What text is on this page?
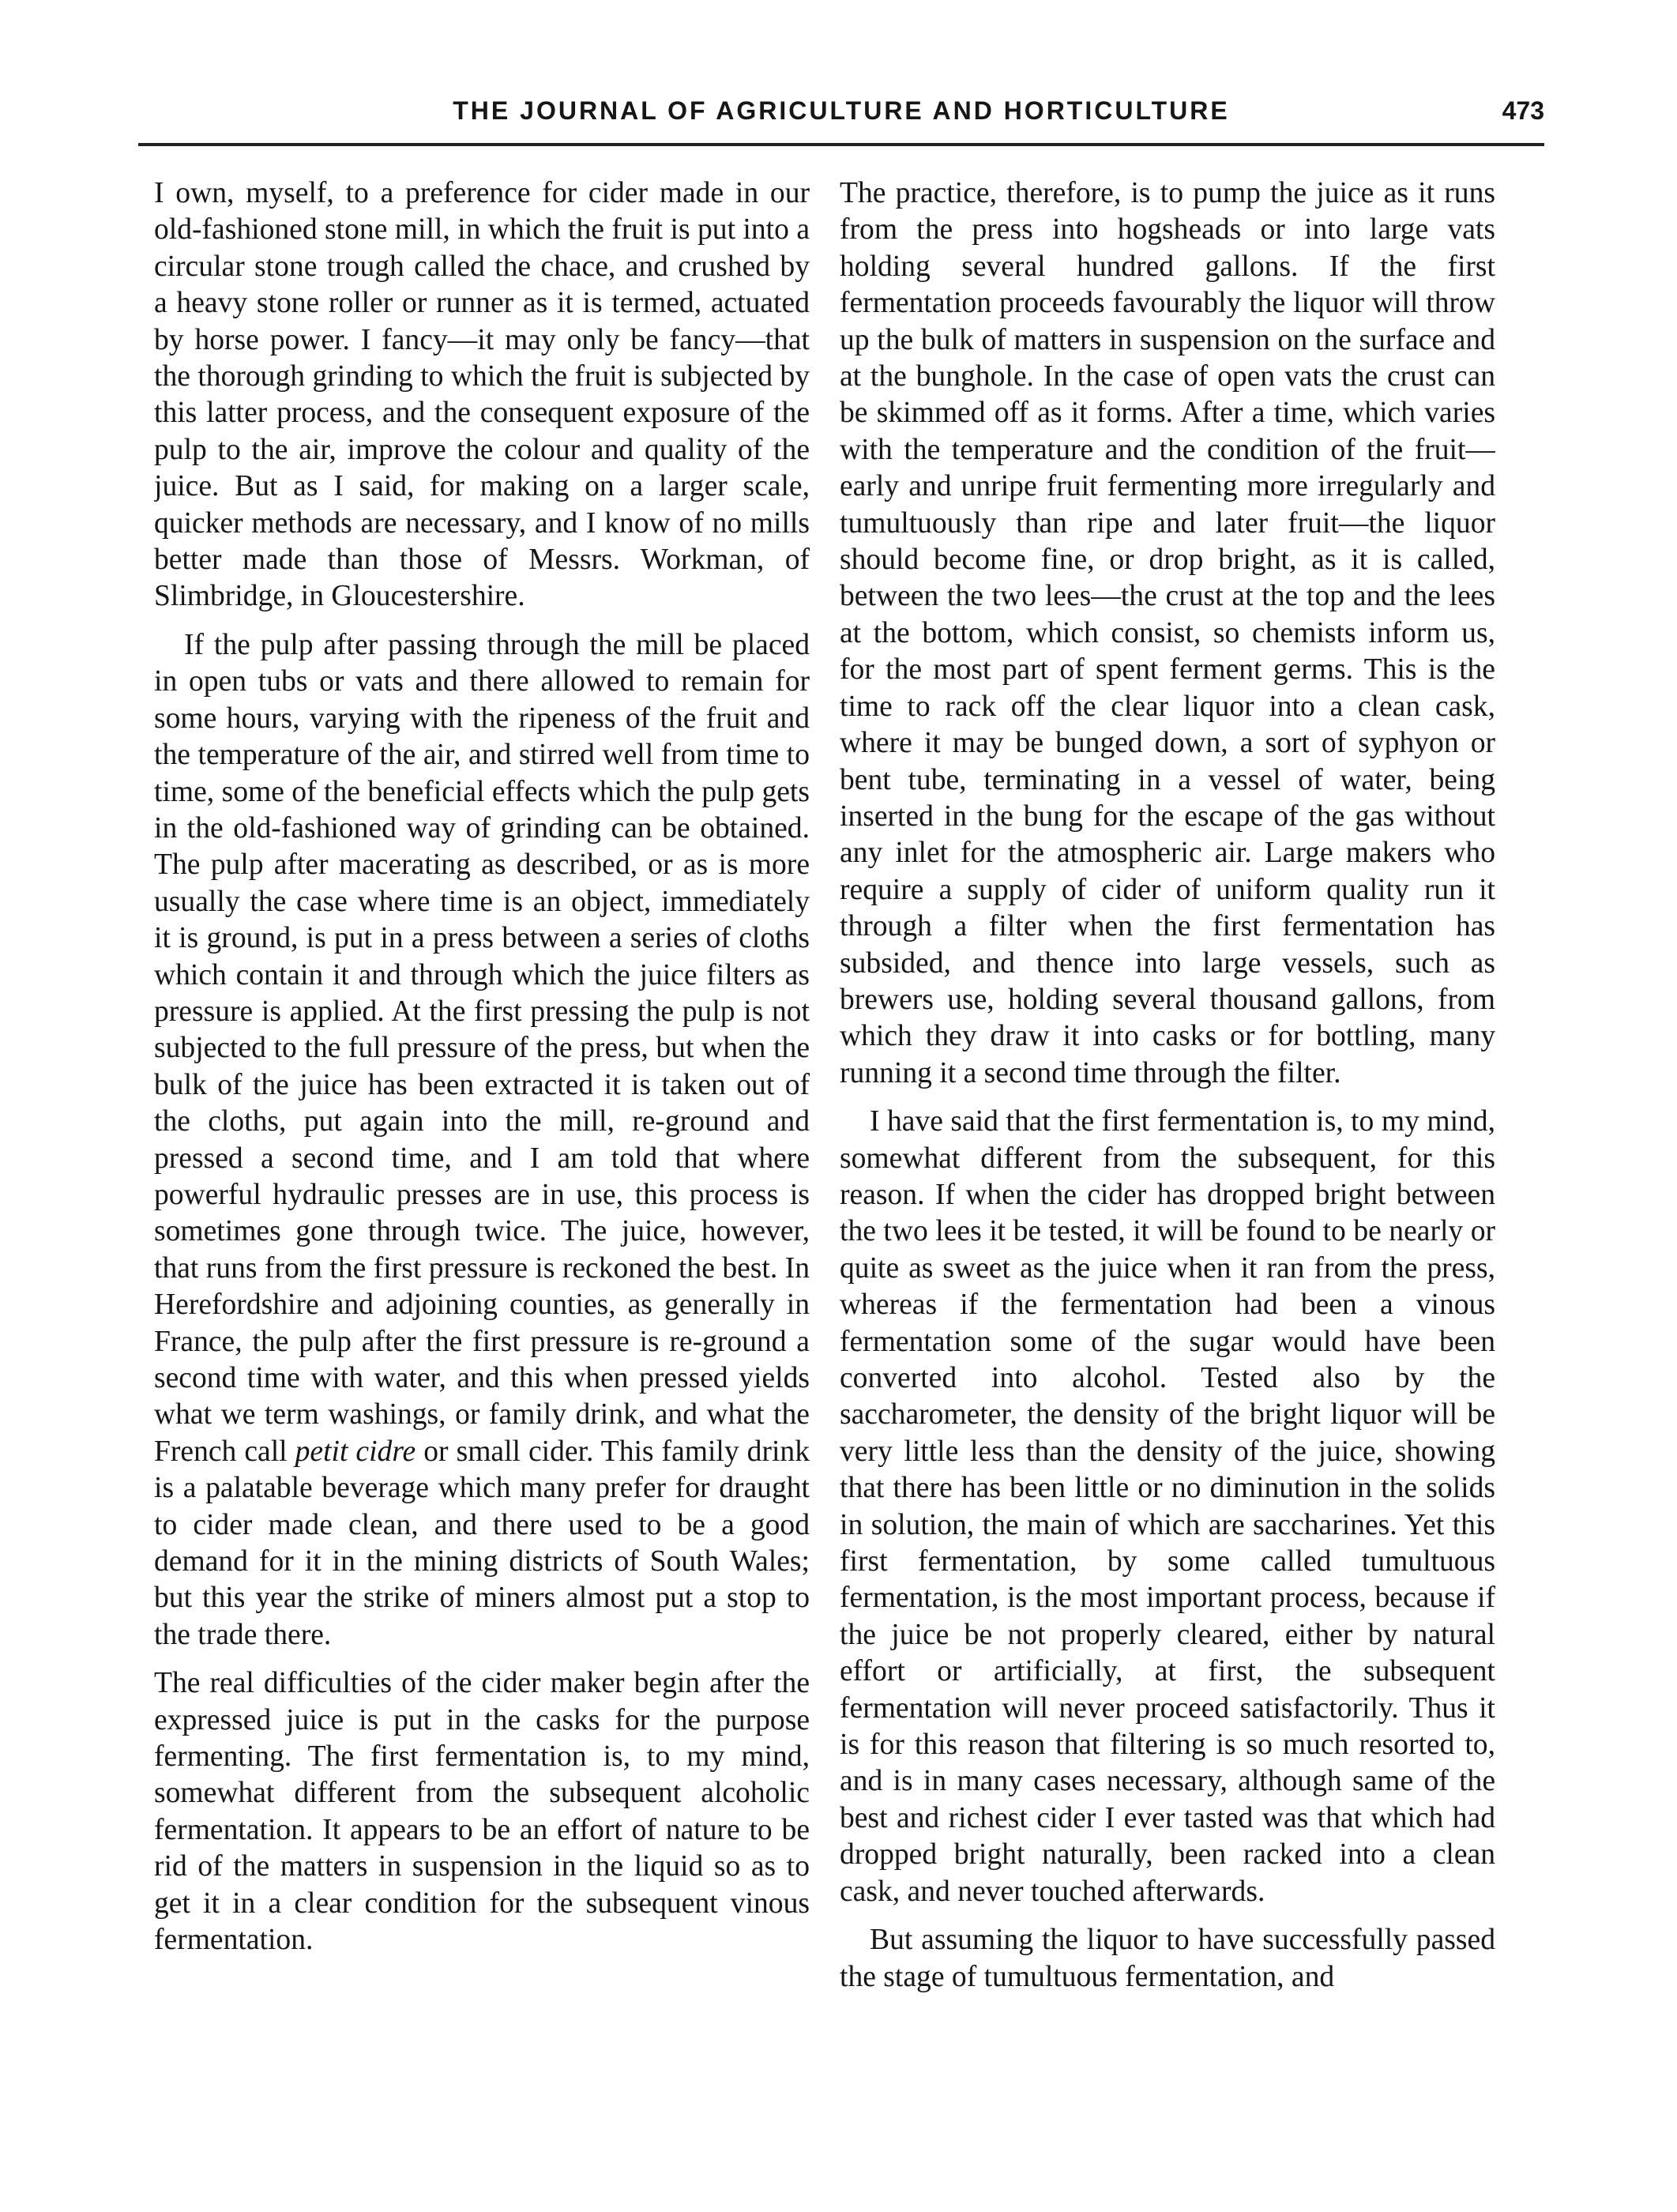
THE JOURNAL OF AGRICULTURE AND HORTICULTURE	473

I own, myself, to a preference for cider made in our old-fashioned stone mill, in which the fruit is put into a circular stone trough called the chace, and crushed by a heavy stone roller or runner as it is termed, actuated by horse power. I fancy—it may only be fancy—that the thorough grinding to which the fruit is subjected by this latter process, and the consequent exposure of the pulp to the air, improve the colour and quality of the juice. But as I said, for making on a larger scale, quicker methods are necessary, and I know of no mills better made than those of Messrs. Workman, of Slimbridge, in Gloucestershire.

If the pulp after passing through the mill be placed in open tubs or vats and there allowed to remain for some hours, varying with the ripeness of the fruit and the temperature of the air, and stirred well from time to time, some of the beneficial effects which the pulp gets in the old-fashioned way of grinding can be obtained. The pulp after macerating as described, or as is more usually the case where time is an object, immediately it is ground, is put in a press between a series of cloths which contain it and through which the juice filters as pressure is applied. At the first pressing the pulp is not subjected to the full pressure of the press, but when the bulk of the juice has been extracted it is taken out of the cloths, put again into the mill, re-ground and pressed a second time, and I am told that where powerful hydraulic presses are in use, this process is sometimes gone through twice. The juice, however, that runs from the first pressure is reckoned the best. In Herefordshire and adjoining counties, as generally in France, the pulp after the first pressure is re-ground a second time with water, and this when pressed yields what we term washings, or family drink, and what the French call petit cidre or small cider. This family drink is a palatable beverage which many prefer for draught to cider made clean, and there used to be a good demand for it in the mining districts of South Wales; but this year the strike of miners almost put a stop to the trade there.

The real difficulties of the cider maker begin after the expressed juice is put in the casks for the purpose fermenting. The first fermentation is, to my mind, somewhat different from the subsequent alcoholic fermentation. It appears to be an effort of nature to be rid of the matters in suspension in the liquid so as to get it in a clear condition for the subsequent vinous fermentation.

The practice, therefore, is to pump the juice as it runs from the press into hogsheads or into large vats holding several hundred gallons. If the first fermentation proceeds favourably the liquor will throw up the bulk of matters in suspension on the surface and at the bunghole. In the case of open vats the crust can be skimmed off as it forms. After a time, which varies with the temperature and the condition of the fruit—early and unripe fruit fermenting more irregularly and tumultuously than ripe and later fruit—the liquor should become fine, or drop bright, as it is called, between the two lees—the crust at the top and the lees at the bottom, which consist, so chemists inform us, for the most part of spent ferment germs. This is the time to rack off the clear liquor into a clean cask, where it may be bunged down, a sort of syphyon or bent tube, terminating in a vessel of water, being inserted in the bung for the escape of the gas without any inlet for the atmospheric air. Large makers who require a supply of cider of uniform quality run it through a filter when the first fermentation has subsided, and thence into large vessels, such as brewers use, holding several thousand gallons, from which they draw it into casks or for bottling, many running it a second time through the filter.

I have said that the first fermentation is, to my mind, somewhat different from the subsequent, for this reason. If when the cider has dropped bright between the two lees it be tested, it will be found to be nearly or quite as sweet as the juice when it ran from the press, whereas if the fermentation had been a vinous fermentation some of the sugar would have been converted into alcohol. Tested also by the saccharometer, the density of the bright liquor will be very little less than the density of the juice, showing that there has been little or no diminution in the solids in solution, the main of which are saccharines. Yet this first fermentation, by some called tumultuous fermentation, is the most important process, because if the juice be not properly cleared, either by natural effort or artificially, at first, the subsequent fermentation will never proceed satisfactorily. Thus it is for this reason that filtering is so much resorted to, and is in many cases necessary, although same of the best and richest cider I ever tasted was that which had dropped bright naturally, been racked into a clean cask, and never touched afterwards.

But assuming the liquor to have successfully passed the stage of tumultuous fermentation, and
